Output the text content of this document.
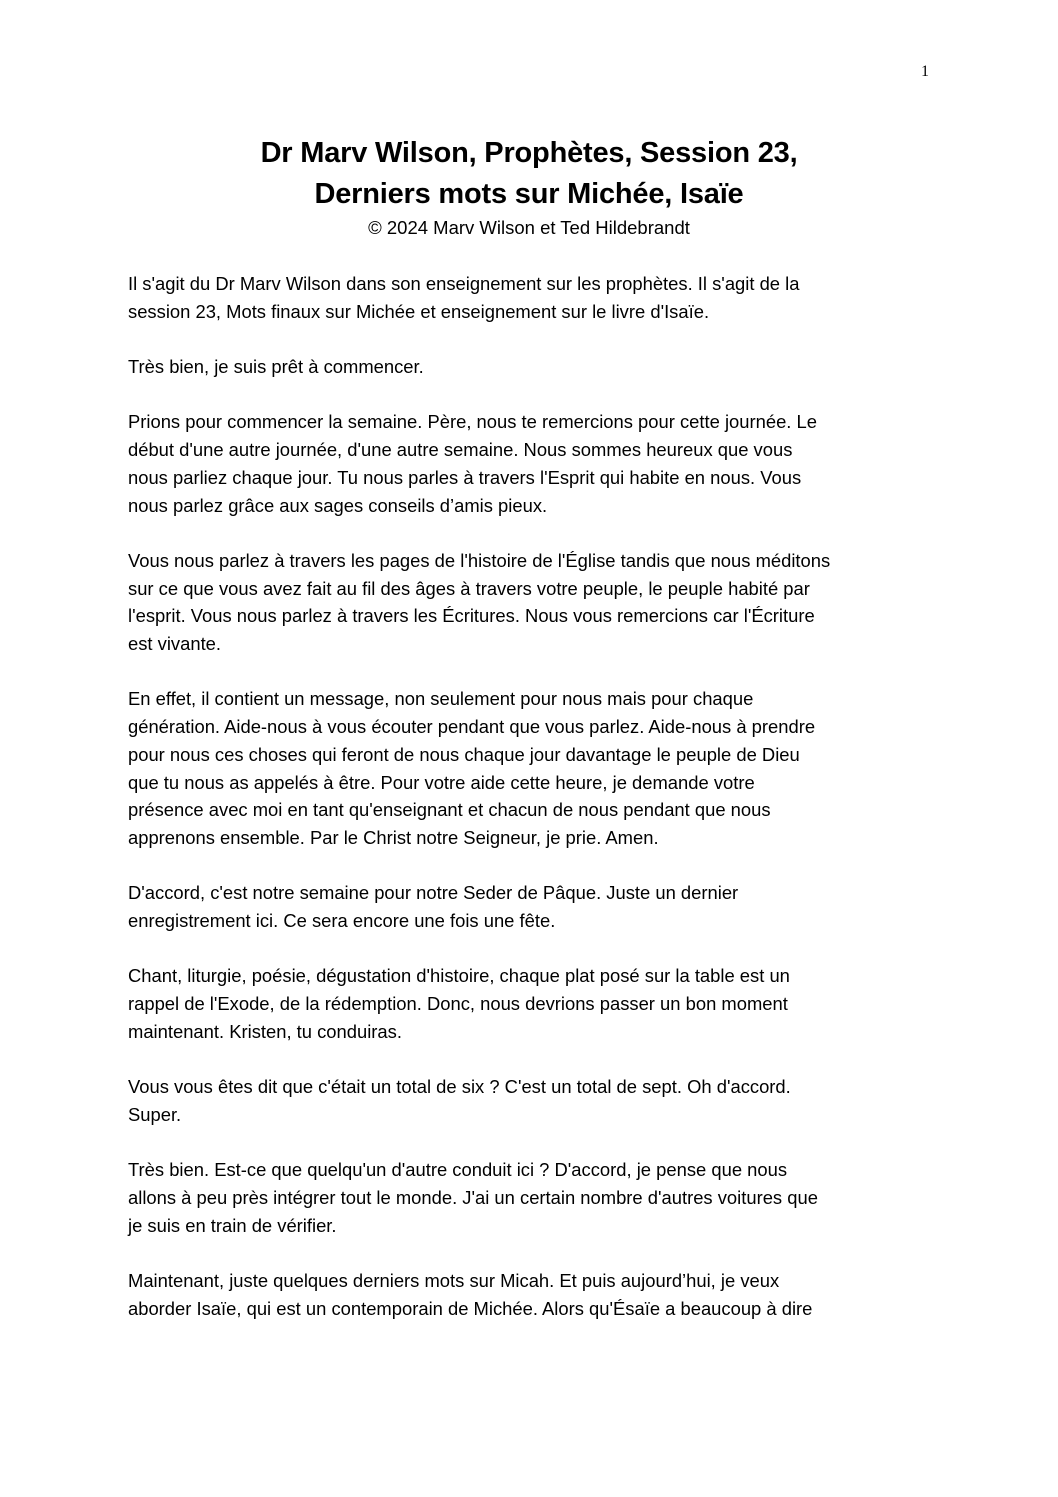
1
Dr Marv Wilson, Prophètes, Session 23,
Derniers mots sur Michée, Isaïe
© 2024 Marv Wilson et Ted Hildebrandt
Il s'agit du Dr Marv Wilson dans son enseignement sur les prophètes. Il s'agit de la
session 23, Mots finaux sur Michée et enseignement sur le livre d'Isaïe.
Très bien, je suis prêt à commencer.
Prions pour commencer la semaine. Père, nous te remercions pour cette journée. Le
début d'une autre journée, d'une autre semaine. Nous sommes heureux que vous
nous parliez chaque jour. Tu nous parles à travers l'Esprit qui habite en nous. Vous
nous parlez grâce aux sages conseils d’amis pieux.
Vous nous parlez à travers les pages de l'histoire de l'Église tandis que nous méditons
sur ce que vous avez fait au fil des âges à travers votre peuple, le peuple habité par
l'esprit. Vous nous parlez à travers les Écritures. Nous vous remercions car l'Écriture
est vivante.
En effet, il contient un message, non seulement pour nous mais pour chaque
génération. Aide-nous à vous écouter pendant que vous parlez. Aide-nous à prendre
pour nous ces choses qui feront de nous chaque jour davantage le peuple de Dieu
que tu nous as appelés à être. Pour votre aide cette heure, je demande votre
présence avec moi en tant qu'enseignant et chacun de nous pendant que nous
apprenons ensemble. Par le Christ notre Seigneur, je prie. Amen.
D'accord, c'est notre semaine pour notre Seder de Pâque. Juste un dernier
enregistrement ici. Ce sera encore une fois une fête.
Chant, liturgie, poésie, dégustation d'histoire, chaque plat posé sur la table est un
rappel de l'Exode, de la rédemption. Donc, nous devrions passer un bon moment
maintenant. Kristen, tu conduiras.
Vous vous êtes dit que c'était un total de six ? C'est un total de sept. Oh d'accord.
Super.
Très bien. Est-ce que quelqu'un d'autre conduit ici ? D'accord, je pense que nous
allons à peu près intégrer tout le monde. J'ai un certain nombre d'autres voitures que
je suis en train de vérifier.
Maintenant, juste quelques derniers mots sur Micah. Et puis aujourd’hui, je veux
aborder Isaïe, qui est un contemporain de Michée. Alors qu'Ésaïe a beaucoup à dire
